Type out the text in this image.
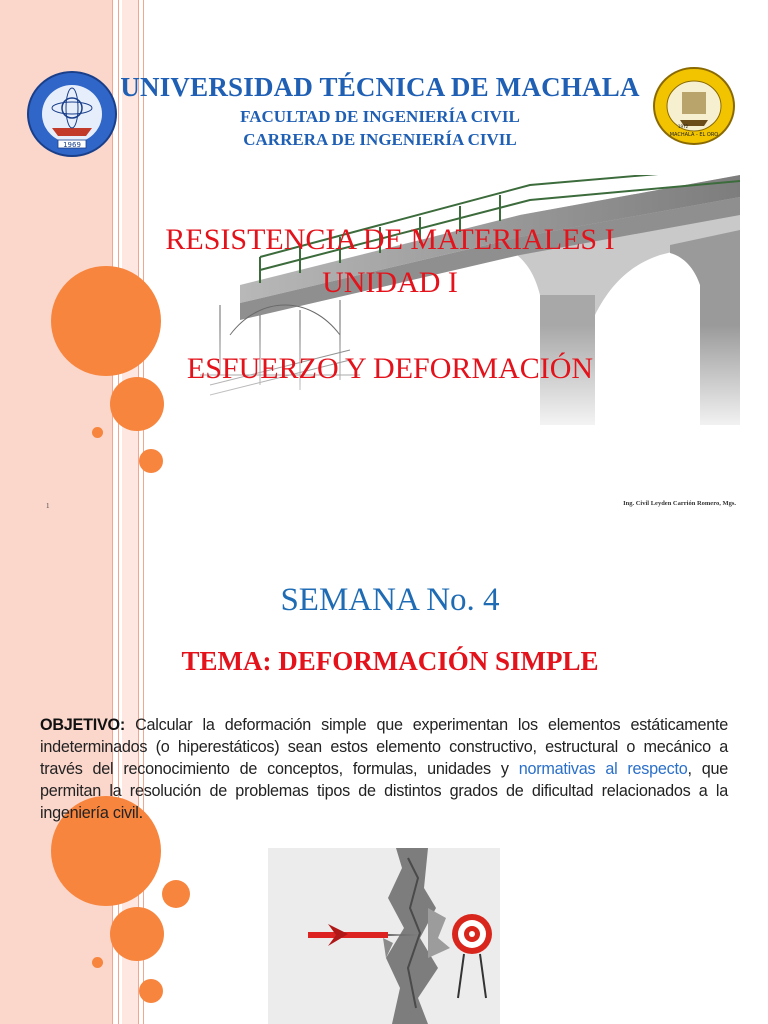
1969
MACHALA - EL ORO
1972
UNIVERSIDAD TÉCNICA DE MACHALA
FACULTAD DE INGENIERÍA CIVIL
CARRERA DE INGENIERÍA CIVIL
RESISTENCIA DE MATERIALES I
UNIDAD I
ESFUERZO Y DEFORMACIÓN
1	Ing. Civil Leyden Carrión Romero, Mgs.
SEMANA No. 4
TEMA: DEFORMACIÓN SIMPLE
OBJETIVO: Calcular la deformación simple que experimentan los elementos estáticamente indeterminados (o hiperestáticos) sean estos elemento constructivo, estructural o mecánico a través del reconocimiento de conceptos, formulas, unidades y normativas al respecto, que permitan la resolución de problemas tipos de distintos grados de dificultad relacionados a la ingeniería civil.
